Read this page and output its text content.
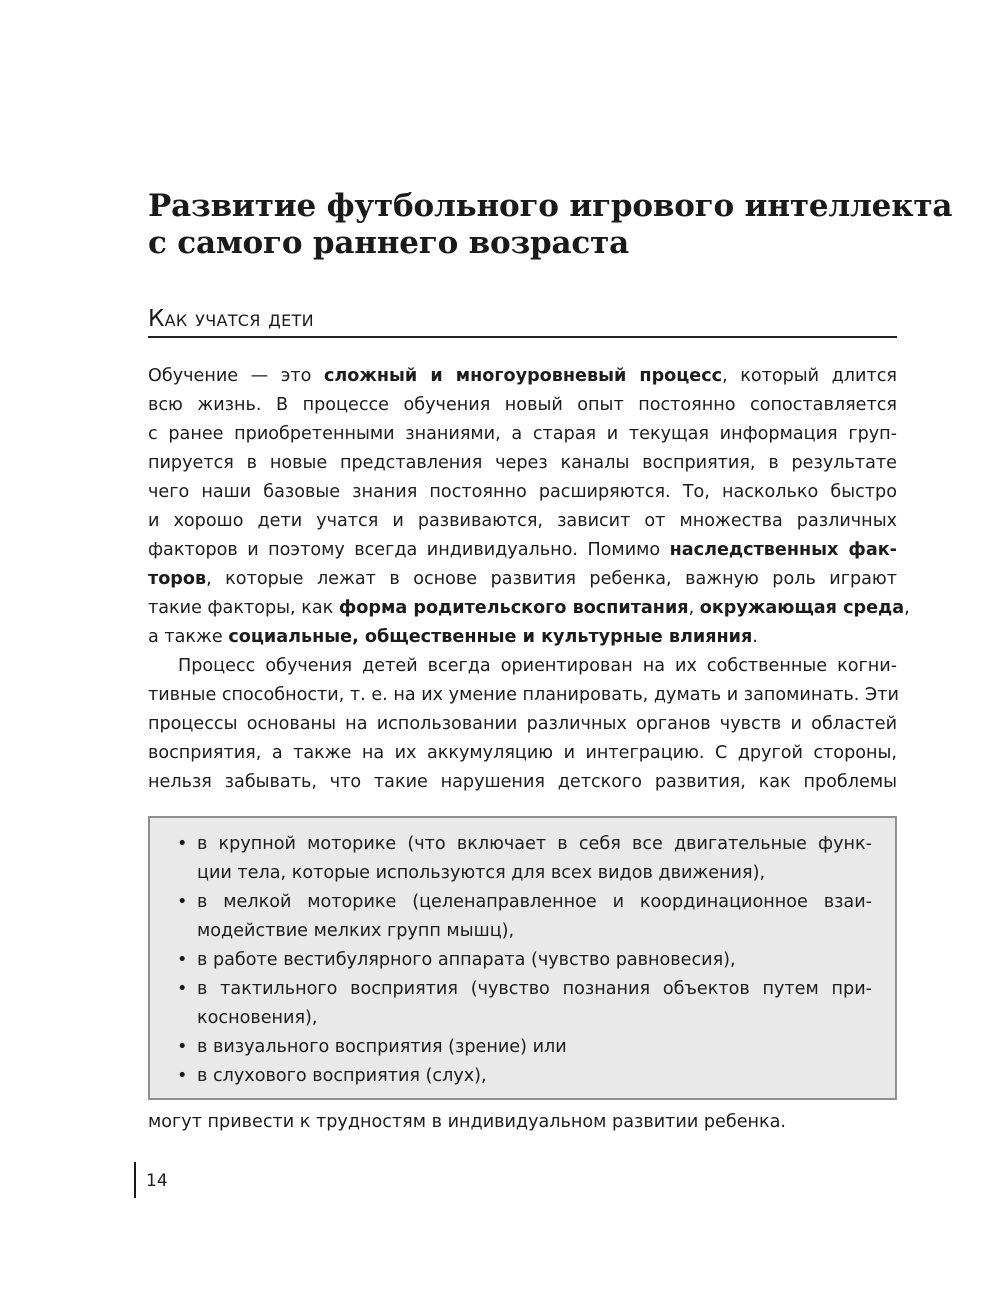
Развитие футбольного игрового интеллекта
с самого раннего возраста
Как учатся дети
Обучение — это сложный и многоуровневый процесс, который длится
всю жизнь. В процессе обучения новый опыт постоянно сопоставляется
с ранее приобретенными знаниями, а старая и текущая информация груп-
пируется в новые представления через каналы восприятия, в результате
чего наши базовые знания постоянно расширяются. То, насколько быстро
и хорошо дети учатся и развиваются, зависит от множества различных
факторов и поэтому всегда индивидуально. Помимо наследственных фак-
торов, которые лежат в основе развития ребенка, важную роль играют
такие факторы, как форма родительского воспитания, окружающая среда,
а также социальные, общественные и культурные влияния.
Процесс обучения детей всегда ориентирован на их собственные когни-
тивные способности, т. е. на их умение планировать, думать и запоминать. Эти
процессы основаны на использовании различных органов чувств и областей
восприятия, а также на их аккумуляцию и интеграцию. С другой стороны,
нельзя забывать, что такие нарушения детского развития, как проблемы
• в крупной моторике (что включает в себя все двигательные функ-
ции тела, которые используются для всех видов движения),
• в мелкой моторике (целенаправленное и координационное взаи-
модействие мелких групп мышц),
• в работе вестибулярного аппарата (чувство равновесия),
• в тактильного восприятия (чувство познания объектов путем при-
косновения),
• в визуального восприятия (зрение) или
• в слухового восприятия (слух),
могут привести к трудностям в индивидуальном развитии ребенка.
14
